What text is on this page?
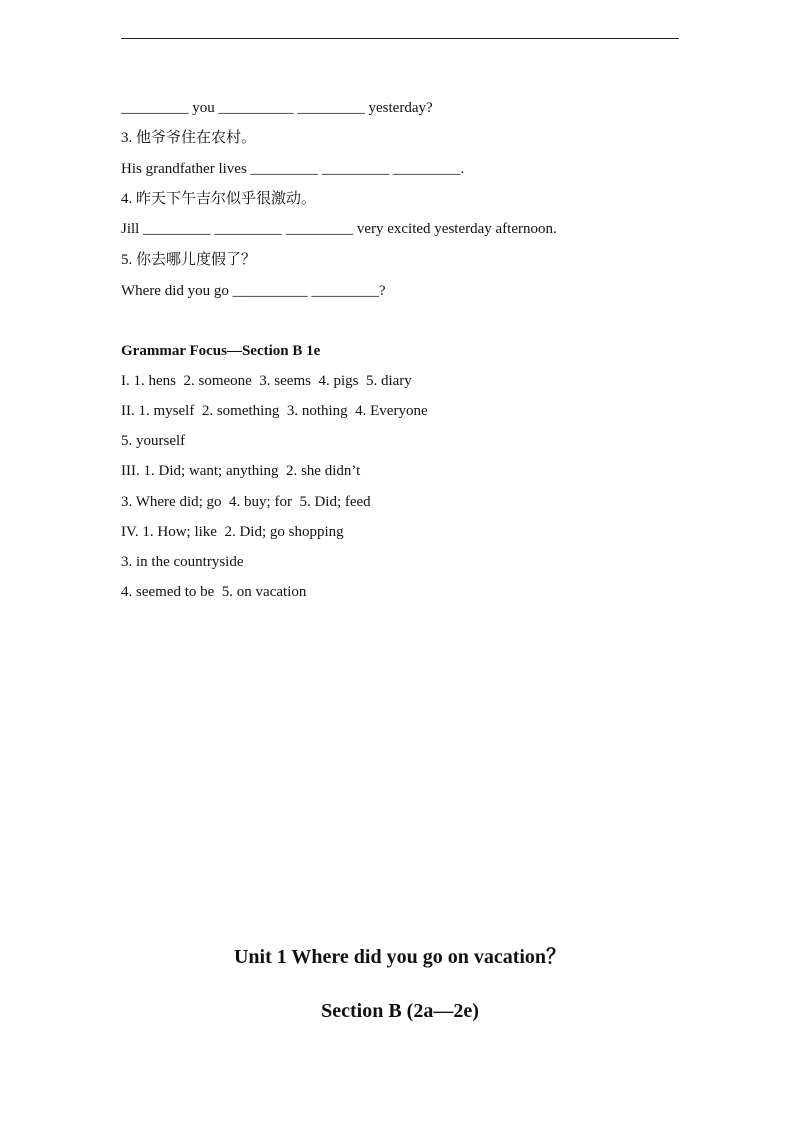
_________ you __________ _________ yesterday?
3. 他爷爷住在农村。
His grandfather lives _________ _________ _________.
4. 昨天下午吉尔似乎很激动。
Jill _________ _________ _________ very excited yesterday afternoon.
5. 你去哪儿度假了？
Where did you go __________ _________?
Grammar Focus—Section B 1e
I. 1. hens  2. someone  3. seems  4. pigs  5. diary
II. 1. myself  2. something  3. nothing  4. Everyone
5. yourself
III. 1. Did; want; anything  2. she didn’t
3. Where did; go  4. buy; for  5. Did; feed
IV. 1. How; like  2. Did; go shopping
3. in the countryside
4. seemed to be  5. on vacation
Unit 1 Where did you go on vacation？
Section B (2a—2e)
